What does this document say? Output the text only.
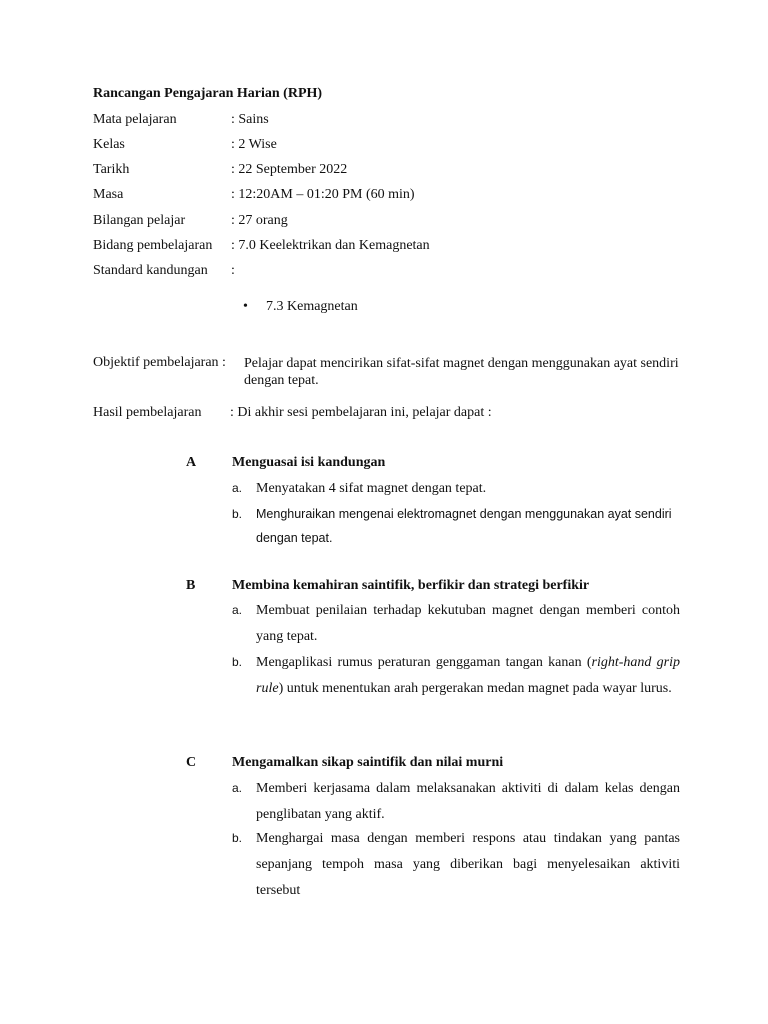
Rancangan Pengajaran Harian (RPH)
Mata pelajaran	: Sains
Kelas	: 2 Wise
Tarikh	: 22 September 2022
Masa	: 12:20AM – 01:20 PM (60 min)
Bilangan pelajar	: 27 orang
Bidang pembelajaran : 7.0 Keelektrikan dan Kemagnetan
Standard kandungan :
• 7.3 Kemagnetan
Objektif pembelajaran : Pelajar dapat mencirikan sifat-sifat magnet dengan menggunakan ayat sendiri dengan tepat.
Hasil pembelajaran : Di akhir sesi pembelajaran ini, pelajar dapat :
A	Menguasai isi kandungan
a. Menyatakan 4 sifat magnet dengan tepat.
b. Menghuraikan mengenai elektromagnet dengan menggunakan ayat sendiri dengan tepat.
B	Membina kemahiran saintifik, berfikir dan strategi berfikir
a. Membuat penilaian terhadap kekutuban magnet dengan memberi contoh yang tepat.
b. Mengaplikasi rumus peraturan genggaman tangan kanan (right-hand grip rule) untuk menentukan arah pergerakan medan magnet pada wayar lurus.
C	Mengamalkan sikap saintifik dan nilai murni
a. Memberi kerjasama dalam melaksanakan aktiviti di dalam kelas dengan penglibatan yang aktif.
b. Menghargai masa dengan memberi respons atau tindakan yang pantas sepanjang tempoh masa yang diberikan bagi menyelesaikan aktiviti tersebut
